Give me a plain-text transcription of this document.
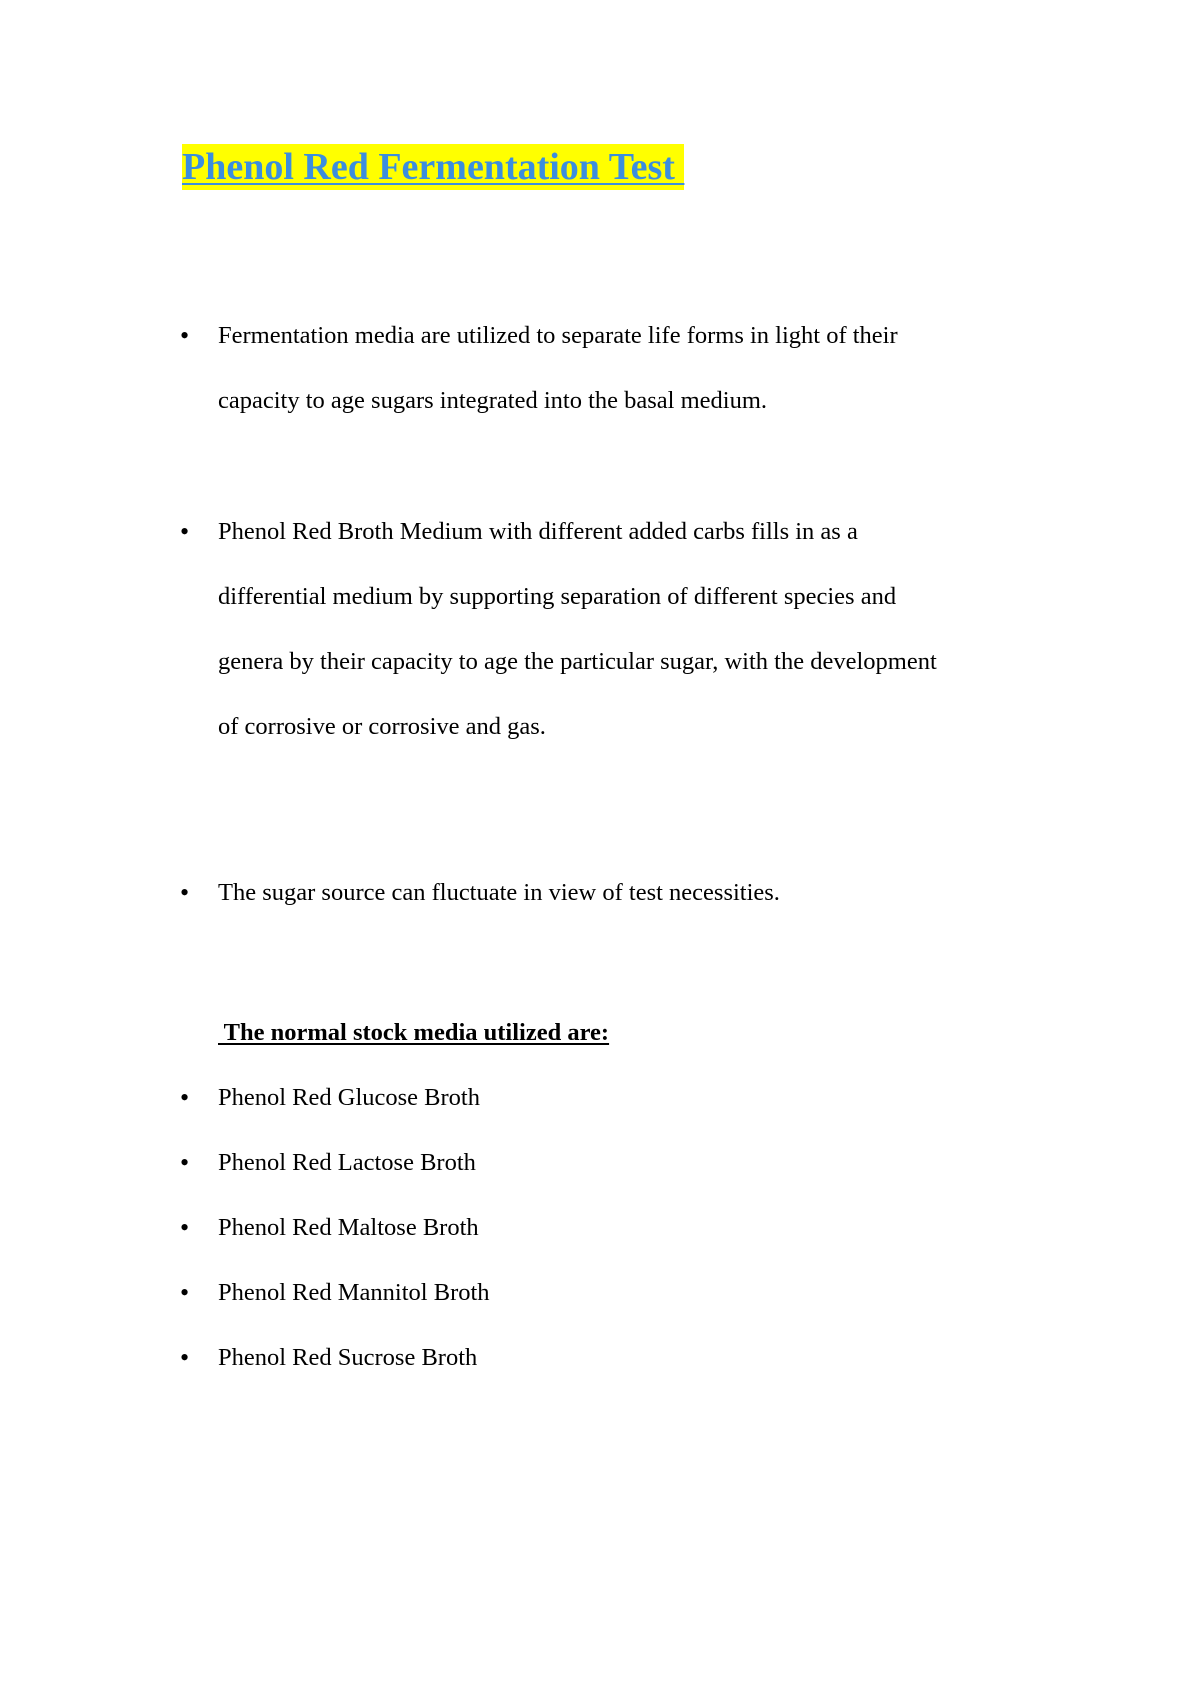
Phenol Red Fermentation Test
•	Fermentation media are utilized to separate life forms in light of their
capacity to age sugars integrated into the basal medium.
•	Phenol Red Broth Medium with different added carbs fills in as a
differential medium by supporting separation of different species and
genera by their capacity to age the particular sugar, with the development
of corrosive or corrosive and gas.
•	The sugar source can fluctuate in view of test necessities.
The normal stock media utilized are:
•	Phenol Red Glucose Broth
•	Phenol Red Lactose Broth
•	Phenol Red Maltose Broth
•	Phenol Red Mannitol Broth
•	Phenol Red Sucrose Broth
